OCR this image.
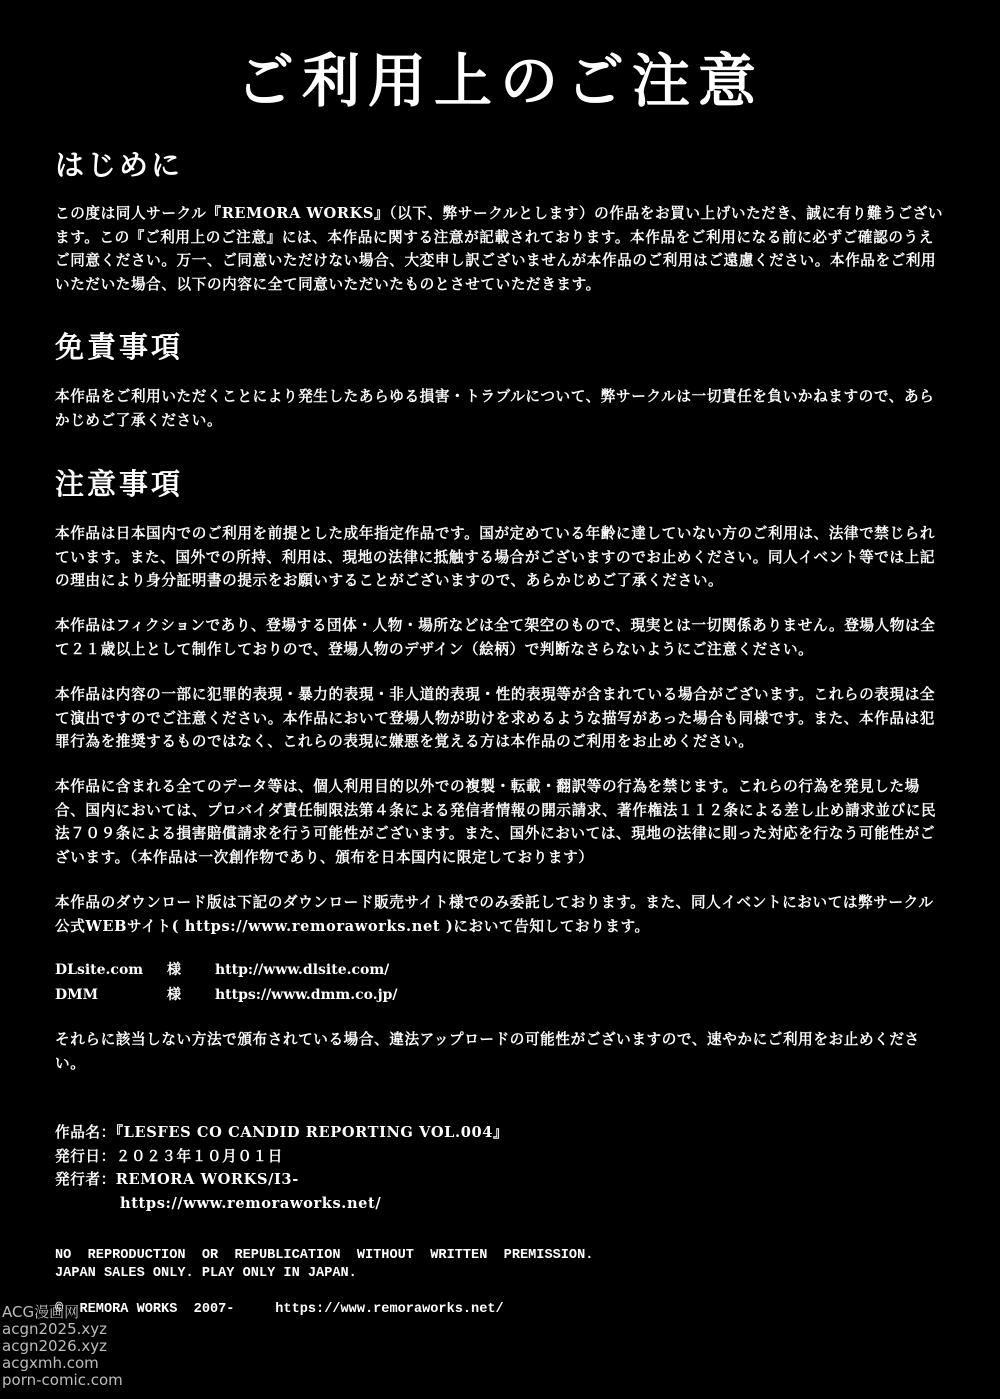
ご利用上のご注意
はじめに
この度は同人サークル『REMORA WORKS』（以下、弊サークルとします）の作品をお買い上げいただき、誠に有り難うございます。この『ご利用上のご注意』には、本作品に関する注意が記載されております。本作品をご利用になる前に必ずご確認のうえご同意ください。万一、ご同意いただけない場合、大変申し訳ございませんが本作品のご利用はご遠慮ください。本作品をご利用いただいた場合、以下の内容に全て同意いただいたものとさせていただきます。
免責事項
本作品をご利用いただくことにより発生したあらゆる損害・トラブルについて、弊サークルは一切責任を負いかねますので、あらかじめご了承ください。
注意事項
本作品は日本国内でのご利用を前提とした成年指定作品です。国が定めている年齢に達していない方のご利用は、法律で禁じられています。また、国外での所持、利用は、現地の法律に抵触する場合がございますのでお止めください。同人イベント等では上記の理由により身分証明書の提示をお願いすることがございますので、あらかじめご了承ください。
本作品はフィクションであり、登場する団体・人物・場所などは全て架空のもので、現実とは一切関係ありません。登場人物は全て２１歳以上として制作しておりので、登場人物のデザイン（絵柄）で判断なさらないようにご注意ください。
本作品は内容の一部に犯罪的表現・暴力的表現・非人道的表現・性的表現等が含まれている場合がございます。これらの表現は全て演出ですのでご注意ください。本作品において登場人物が助けを求めるような描写があった場合も同様です。また、本作品は犯罪行為を推奨するものではなく、これらの表現に嫌悪を覚える方は本作品のご利用をお止めください。
本作品に含まれる全てのデータ等は、個人利用目的以外での複製・転載・翻訳等の行為を禁じます。これらの行為を発見した場合、国内においては、プロバイダ責任制限法第４条による発信者情報の開示請求、著作権法１１２条による差し止め請求並びに民法７０９条による損害賠償請求を行う可能性がございます。また、国外においては、現地の法律に則った対応を行なう可能性がございます。（本作品は一次創作物であり、頒布を日本国内に限定しております）
本作品のダウンロード版は下記のダウンロード販売サイト様でのみ委託しております。また、同人イベントにおいては弊サークル公式WEBサイト( https://www.remoraworks.net )において告知しております。
DLsite.com 様 http://www.dlsite.com/
DMM	様 https://www.dmm.co.jp/
それらに該当しない方法で頒布されている場合、違法アップロードの可能性がございますので、速やかにご利用をお止めください。
作品名：『LESFES CO CANDID REPORTING VOL.004』
発行日：２０２３年１０月０１日
発行者：REMORA WORKS/I3-
https://www.remoraworks.net/
NO  REPRODUCTION  OR  REPUBLICATION  WITHOUT  WRITTEN  PREMISSION.
JAPAN SALES ONLY. PLAY ONLY IN JAPAN.
©  REMORA WORKS  2007-     https://www.remoraworks.net/
ACG漫画网
acgn2025.xyz
acgn2026.xyz
acgxmh.com
porn-comic.com
